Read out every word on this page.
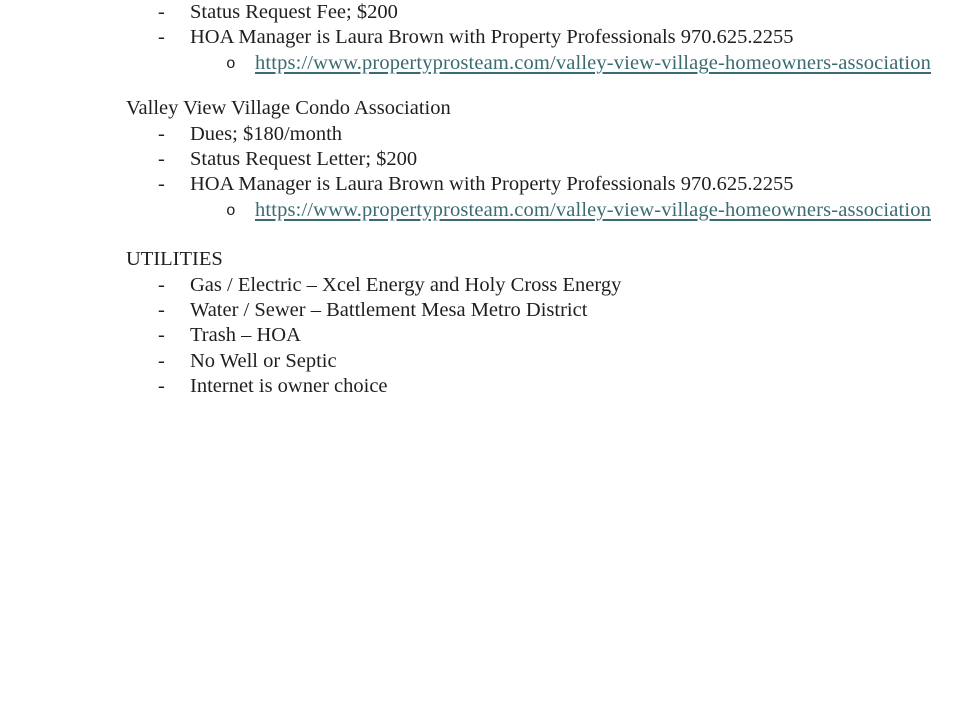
- Status Request Fee; $200
- HOA Manager is Laura Brown with Property Professionals 970.625.2255
o https://www.propertyprosteam.com/valley-view-village-homeowners-association
Valley View Village Condo Association
- Dues; $180/month
- Status Request Letter; $200
- HOA Manager is Laura Brown with Property Professionals 970.625.2255
o https://www.propertyprosteam.com/valley-view-village-homeowners-association
UTILITIES
- Gas / Electric – Xcel Energy and Holy Cross Energy
- Water / Sewer – Battlement Mesa Metro District
- Trash – HOA
- No Well or Septic
- Internet is owner choice
